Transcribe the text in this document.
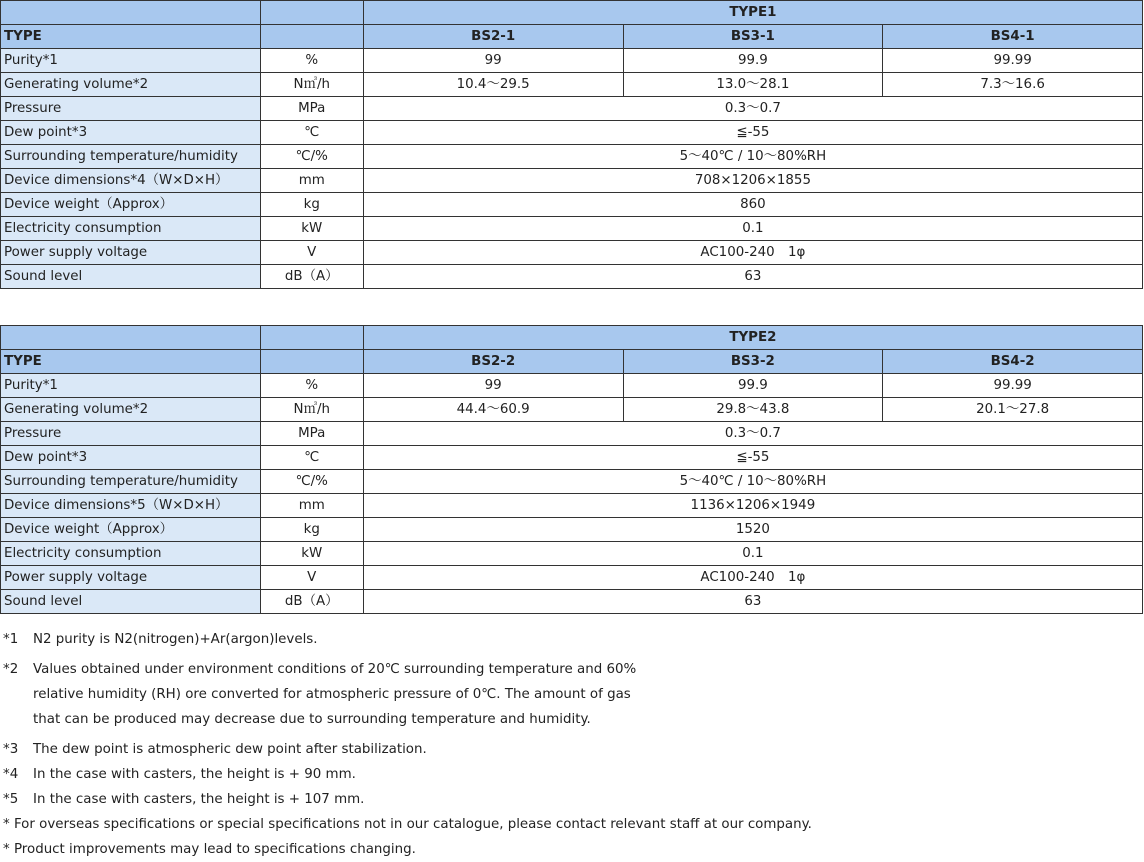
		TYPE1		
TYPE		BS2-1	BS3-1	BS4-1
Purity*1	%	99	99.9	99.99
Generating volume*2	N㎥/h	10.4〜29.5	13.0〜28.1	7.3〜16.6
Pressure	MPa	0.3〜0.7		
Dew point*3	℃	≦-55		
Surrounding temperature/humidity	℃/%	5〜40℃ / 10〜80%RH		
Device dimensions*4（W×D×H）	mm	708×1206×1855		
Device weight（Approx）	kg	860		
Electricity consumption	kW	0.1		
Power supply voltage	V	AC100-240　1φ		
Sound level	dB（A）	63		
		TYPE2		
TYPE		BS2-2	BS3-2	BS4-2
Purity*1	%	99	99.9	99.99
Generating volume*2	N㎥/h	44.4〜60.9	29.8〜43.8	20.1〜27.8
Pressure	MPa	0.3〜0.7		
Dew point*3	℃	≦-55		
Surrounding temperature/humidity	℃/%	5〜40℃ / 10〜80%RH		
Device dimensions*5（W×D×H）	mm	1136×1206×1949		
Device weight（Approx）	kg	1520		
Electricity consumption	kW	0.1		
Power supply voltage	V	AC100-240　1φ		
Sound level	dB（A）	63		
*1	N2 purity is N2(nitrogen)+Ar(argon)levels.
*2	Values obtained under environment conditions of 20℃ surrounding temperature and 60%
relative humidity (RH) ore converted for atmospheric pressure of 0℃. The amount of gas
that can be produced may decrease due to surrounding temperature and humidity.
*3	The dew point is atmospheric dew point after stabilization.
*4	In the case with casters, the height is + 90 mm.
*5	In the case with casters, the height is + 107 mm.
* For overseas specifications or special specifications not in our catalogue, please contact relevant staff at our company.
* Product improvements may lead to specifications changing.
